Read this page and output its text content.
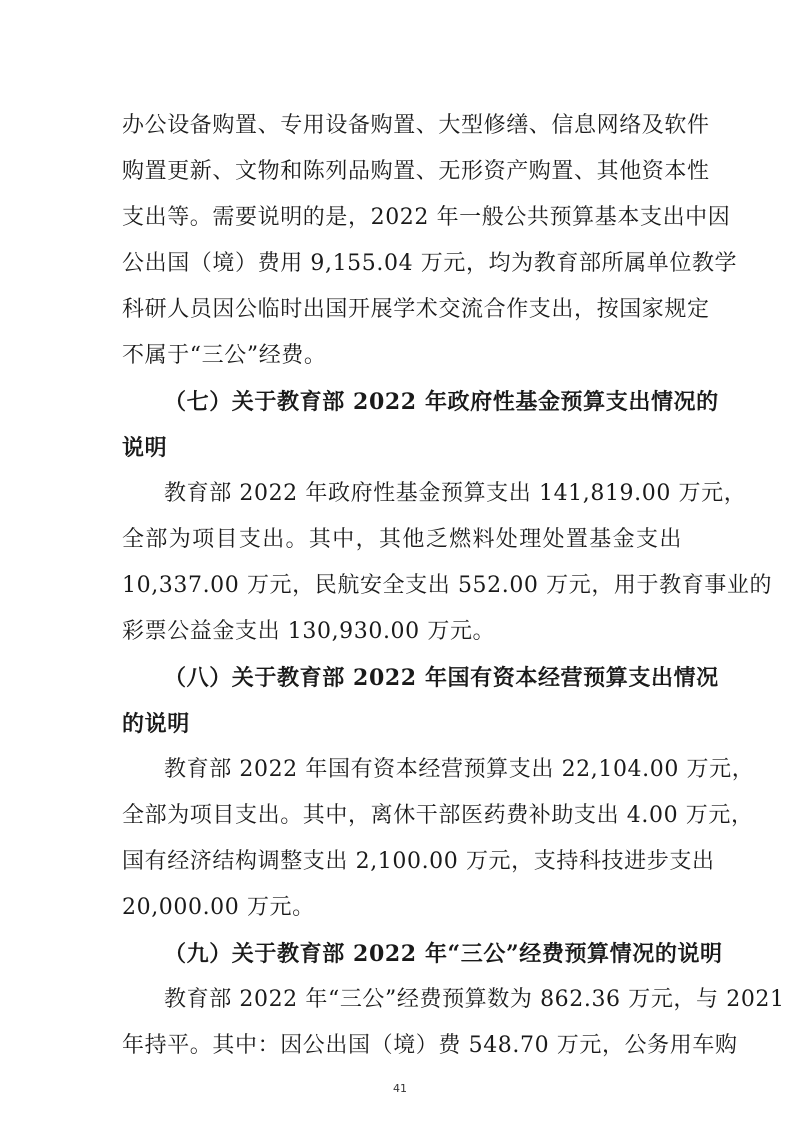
办公设备购置、专用设备购置、大型修缮、信息网络及软件
购置更新、文物和陈列品购置、无形资产购置、其他资本性
支出等。需要说明的是，2022 年一般公共预算基本支出中因
公出国（境）费用 9,155.04 万元，均为教育部所属单位教学
科研人员因公临时出国开展学术交流合作支出，按国家规定
不属于“三公”经费。
（七）关于教育部 2022 年政府性基金预算支出情况的
说明
教育部 2022 年政府性基金预算支出 141,819.00 万元，
全部为项目支出。其中，其他乏燃料处理处置基金支出
10,337.00 万元，民航安全支出 552.00 万元，用于教育事业的
彩票公益金支出 130,930.00 万元。
（八）关于教育部 2022 年国有资本经营预算支出情况
的说明
教育部 2022 年国有资本经营预算支出 22,104.00 万元，
全部为项目支出。其中，离休干部医药费补助支出 4.00 万元，
国有经济结构调整支出 2,100.00 万元，支持科技进步支出
20,000.00 万元。
（九）关于教育部 2022 年“三公”经费预算情况的说明
教育部 2022 年“三公”经费预算数为 862.36 万元，与 2021
年持平。其中：因公出国（境）费 548.70 万元，公务用车购
41
